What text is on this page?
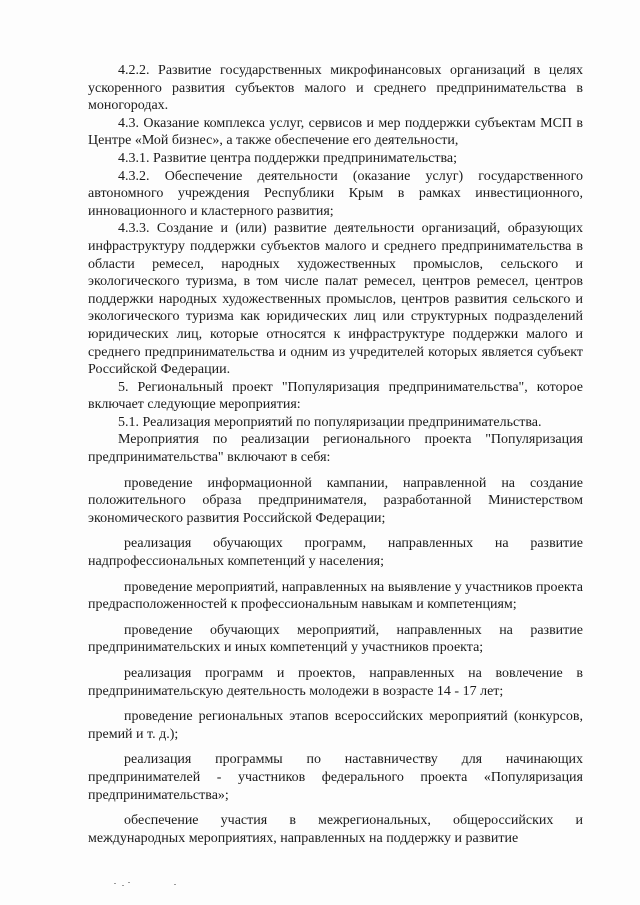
4.2.2. Развитие государственных микрофинансовых организаций в целях ускоренного развития субъектов малого и среднего предпринимательства в моногородах.

4.3. Оказание комплекса услуг, сервисов и мер поддержки субъектам МСП в Центре «Мой бизнес», а также обеспечение его деятельности,

4.3.1. Развитие центра поддержки предпринимательства;

4.3.2. Обеспечение деятельности (оказание услуг) государственного автономного учреждения Республики Крым в рамках инвестиционного, инновационного и кластерного развития;

4.3.3. Создание и (или) развитие деятельности организаций, образующих инфраструктуру поддержки субъектов малого и среднего предпринимательства в области ремесел, народных художественных промыслов, сельского и экологического туризма, в том числе палат ремесел, центров ремесел, центров поддержки народных художественных промыслов, центров развития сельского и экологического туризма как юридических лиц или структурных подразделений юридических лиц, которые относятся к инфраструктуре поддержки малого и среднего предпринимательства и одним из учредителей которых является субъект Российской Федерации.

5. Региональный проект "Популяризация предпринимательства", которое включает следующие мероприятия:

5.1. Реализация мероприятий по популяризации предпринимательства.

Мероприятия по реализации регионального проекта "Популяризация предпринимательства" включают в себя:

проведение информационной кампании, направленной на создание положительного образа предпринимателя, разработанной Министерством экономического развития Российской Федерации;

реализация обучающих программ, направленных на развитие надпрофессиональных компетенций у населения;

проведение мероприятий, направленных на выявление у участников проекта предрасположенностей к профессиональным навыкам и компетенциям;

проведение обучающих мероприятий, направленных на развитие предпринимательских и иных компетенций у участников проекта;

реализация программ и проектов, направленных на вовлечение в предпринимательскую деятельность молодежи в возрасте 14 - 17 лет;

проведение региональных этапов всероссийских мероприятий (конкурсов, премий и т. д.);

реализация программы по наставничеству для начинающих предпринимателей - участников федерального проекта «Популяризация предпринимательства»;

обеспечение участия в межрегиональных, общероссийских и международных мероприятиях, направленных на поддержку и развитие
